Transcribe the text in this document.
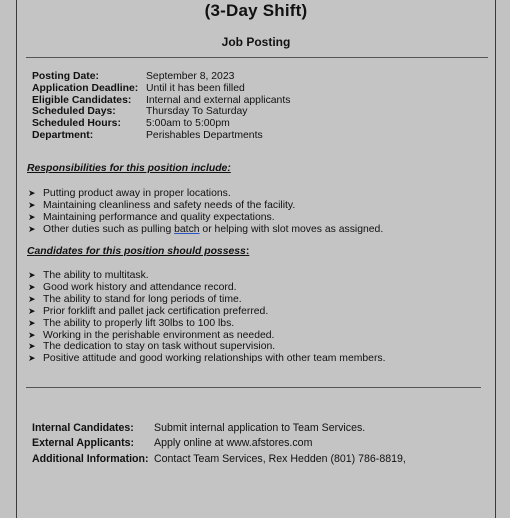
(3-Day Shift)
Job Posting
Posting Date:	September 8, 2023
Application Deadline: Until it has been filled
Eligible Candidates:	Internal and external applicants
Scheduled Days:	Thursday To Saturday
Scheduled Hours:	5:00am to 5:00pm
Department:	Perishables Departments
Responsibilities for this position include:
➤ Putting product away in proper locations.
➤ Maintaining cleanliness and safety needs of the facility.
➤ Maintaining performance and quality expectations.
➤ Other duties such as pulling batch or helping with slot moves as assigned.
Candidates for this position should possess:
➤ The ability to multitask.
➤ Good work history and attendance record.
➤ The ability to stand for long periods of time.
➤ Prior forklift and pallet jack certification preferred.
➤ The ability to properly lift 30lbs to 100 lbs.
➤ Working in the perishable environment as needed.
➤ The dedication to stay on task without supervision.
➤ Positive attitude and good working relationships with other team members.
Internal Candidates:	Submit internal application to Team Services.
External Applicants:	Apply online at www.afstores.com
Additional Information: Contact Team Services, Rex Hedden (801) 786-8819,
